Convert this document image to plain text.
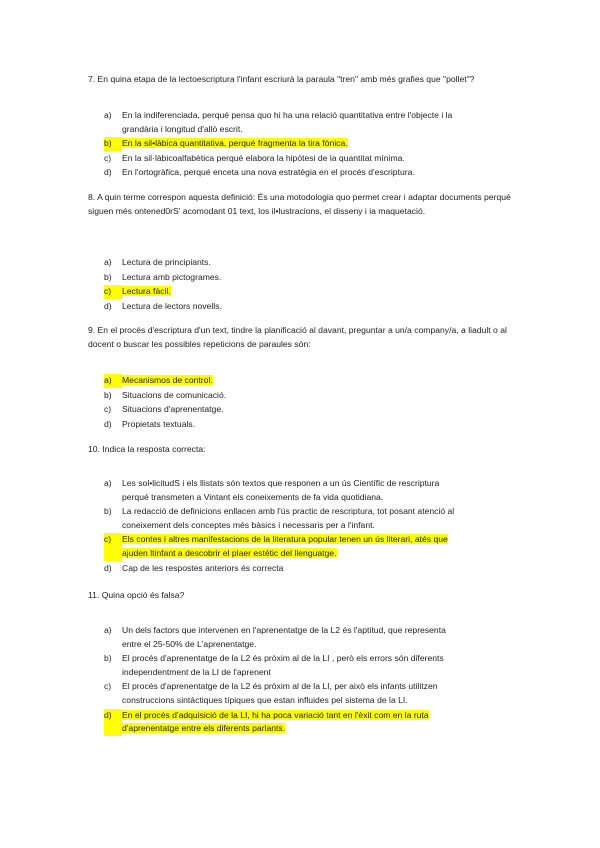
7. En quina etapa de la lectoescriptura l'infant escriurà la paraula "tren" amb més grafies que "pollet"?

a)	En la indiferenciada, perqué pensa quo hi ha una relació quantitativa entre l'objecte i la
grandària i longitud d'allò escrit.
b)	En la sil•làbica quantitativa, perqué fragmenta la tira fònica.
c)	En la sil·làbicoalfabètica perqué elabora la hipòtesi de la quantitat mínima.
d)	En l'ortogràfica, perqué enceta una nova estratègia en el procés d'escriptura.

8. A quin terme correspon aquesta definició: És una motodologia quo permet crear i adaptar documents perqué siguen més ontened0rS' acomodant 01 text, los il•lustracions, el disseny i ia maquetació.

a)	Lectura de principiants.
b)	Lectura amb pictogrames.
c)	Lectura fàcil.
d)	Lectura de lectors novells.

9. En el procés d'escriptura d'un text, tindre la planificació al davant, preguntar a un/a company/a, a liadult o al docent o buscar les possibles repeticions de paraules són:

a)	Mecanismos de control.
b)	Situacions de comunicació.
c)	Situacions d'aprenentatge.
d)	Propietats textuals.

10. Indica la resposta correcta:

a)	Les sol•licitudS i els llistats són textos que responen a un ús Científic de rescriptura
perqué transmeten a Vintant els coneixements de fa vida quotidiana.
b)	La redacció de definicions enllacen amb l'ús practic de rescriptura, tot posant atenció al
coneixement dels conceptes més bàsics i necessaris per a l'infant.
c)	Els contes i altres manifestacions de la literatura popular tenen un ús literari, atés que
ajuden ltinfant a descobrir el plaer estétic del llenguatge.
d)	Cap de les respostes anteriors és correcta

11. Quina opció és falsa?

a)	Un dels factors que intervenen en l'aprenentatge de la L2 és l'aptitud, que representa
entre el 25-50% de L'aprenentatge.
b)	El procés d'aprenentatge de la L2 és pròxim al de la LI , però els errors són diferents
independentment de la LI de l'aprenent
c)	El procés d'aprenentatge de la L2 és pròxim al de la LI, per això els infants utilitzen
construccions sintàctiques típiques que estan influides pel sistema de la LI.
d)	En el procés d'adquisició de la LI, hi ha poca variació tant en l'èxit com en la ruta
d'aprenentatge entre els diferents parlants.
